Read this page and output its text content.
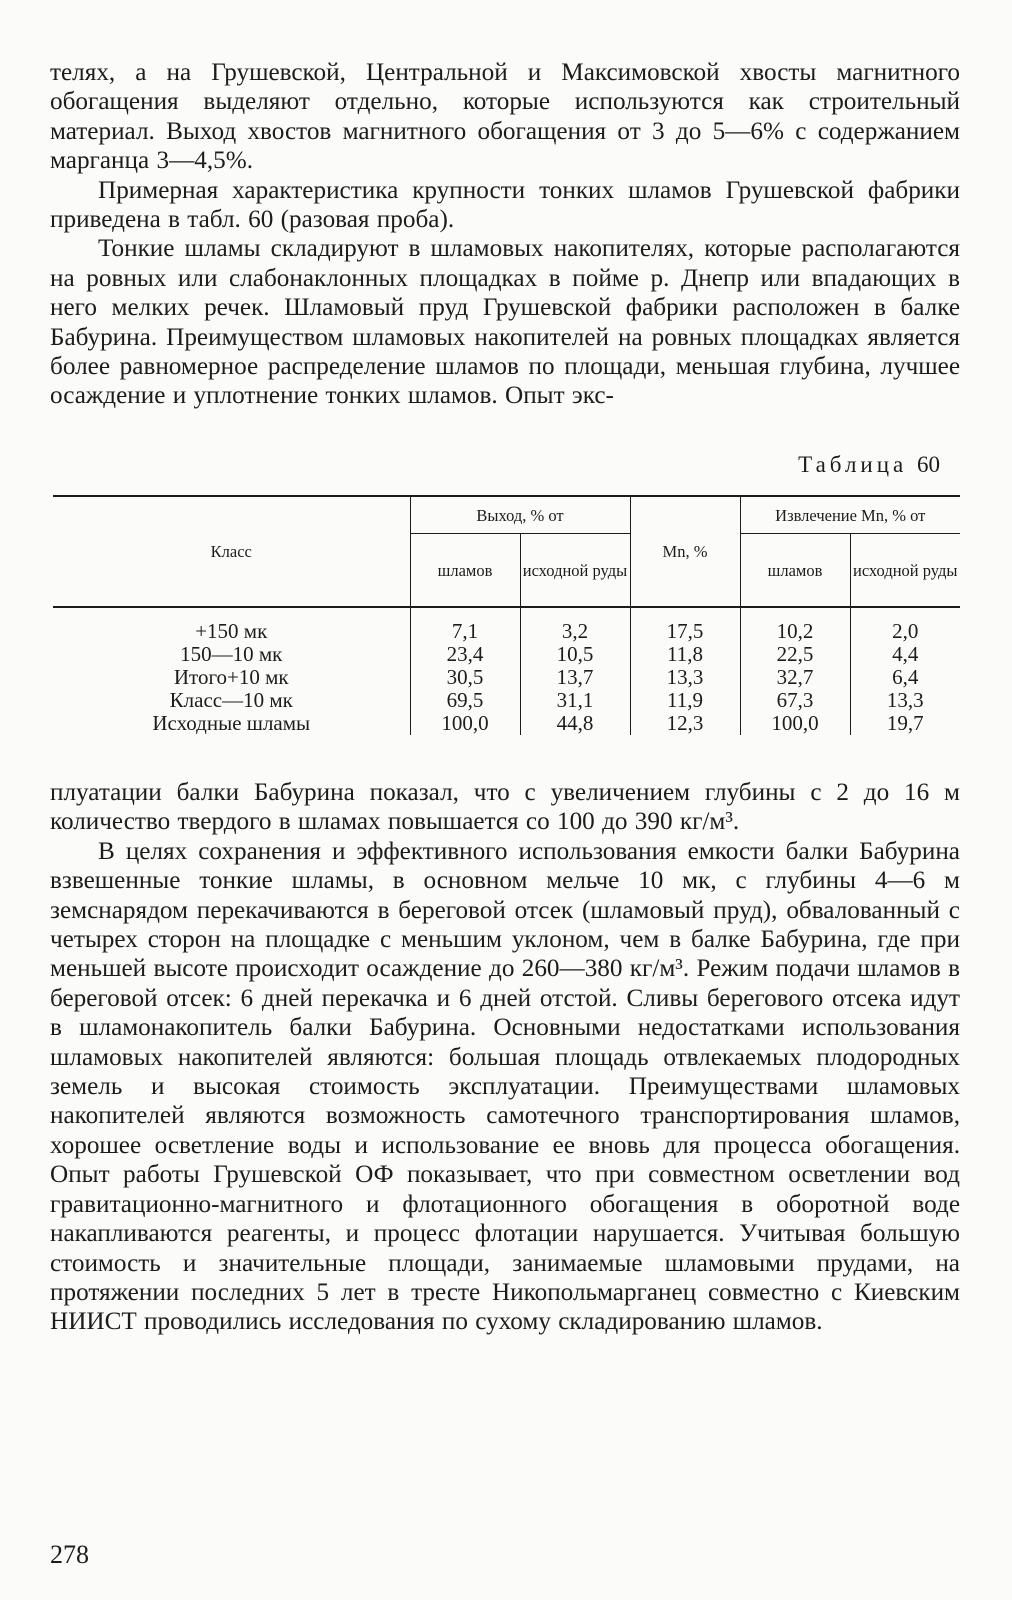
телях, а на Грушевской, Центральной и Максимовской хвосты магнитного обогащения выделяют отдельно, которые используются как строительный материал. Выход хвостов магнитного обогащения от 3 до 5—6% с содержанием марганца 3—4,5%.

Примерная характеристика крупности тонких шламов Грушевской фабрики приведена в табл. 60 (разовая проба).

Тонкие шламы складируют в шламовых накопителях, которые располагаются на ровных или слабонаклонных площадках в пойме р. Днепр или впадающих в него мелких речек. Шламовый пруд Грушевской фабрики расположен в балке Бабурина. Преимуществом шламовых накопителей на ровных площадках является более равномерное распределение шламов по площади, меньшая глубина, лучшее осаждение и уплотнение тонких шламов. Опыт экс-

Таблица 60
Класс	Выход, % от		Mn, %	Извлечение Mn, % от	
	шламов	исходной руды		шламов	исходной руды

+150 мк	7,1	3,2	17,5	10,2	2,0
150—10 мк	23,4	10,5	11,8	22,5	4,4
Итого+10 мк	30,5	13,7	13,3	32,7	6,4
Класс—10 мк	69,5	31,1	11,9	67,3	13,3
Исходные шламы	100,0	44,8	12,3	100,0	19,7

плуатации балки Бабурина показал, что с увеличением глубины с 2 до 16 м количество твердого в шламах повышается со 100 до 390 кг/м³.

В целях сохранения и эффективного использования емкости балки Бабурина взвешенные тонкие шламы, в основном мельче 10 мк, с глубины 4—6 м земснарядом перекачиваются в береговой отсек (шламовый пруд), обвалованный с четырех сторон на площадке с меньшим уклоном, чем в балке Бабурина, где при меньшей высоте происходит осаждение до 260—380 кг/м³. Режим подачи шламов в береговой отсек: 6 дней перекачка и 6 дней отстой. Сливы берегового отсека идут в шламонакопитель балки Бабурина. Основными недостатками использования шламовых накопителей являются: большая площадь отвлекаемых плодородных земель и высокая стоимость эксплуатации. Преимуществами шламовых накопителей являются возможность самотечного транспортирования шламов, хорошее осветление воды и использование ее вновь для процесса обогащения. Опыт работы Грушевской ОФ показывает, что при совместном осветлении вод гравитационно-магнитного и флотационного обогащения в оборотной воде накапливаются реагенты, и процесс флотации нарушается. Учитывая большую стоимость и значительные площади, занимаемые шламовыми прудами, на протяжении последних 5 лет в тресте Никопольмарганец совместно с Киевским НИИСТ проводились исследования по сухому складированию шламов.

278
